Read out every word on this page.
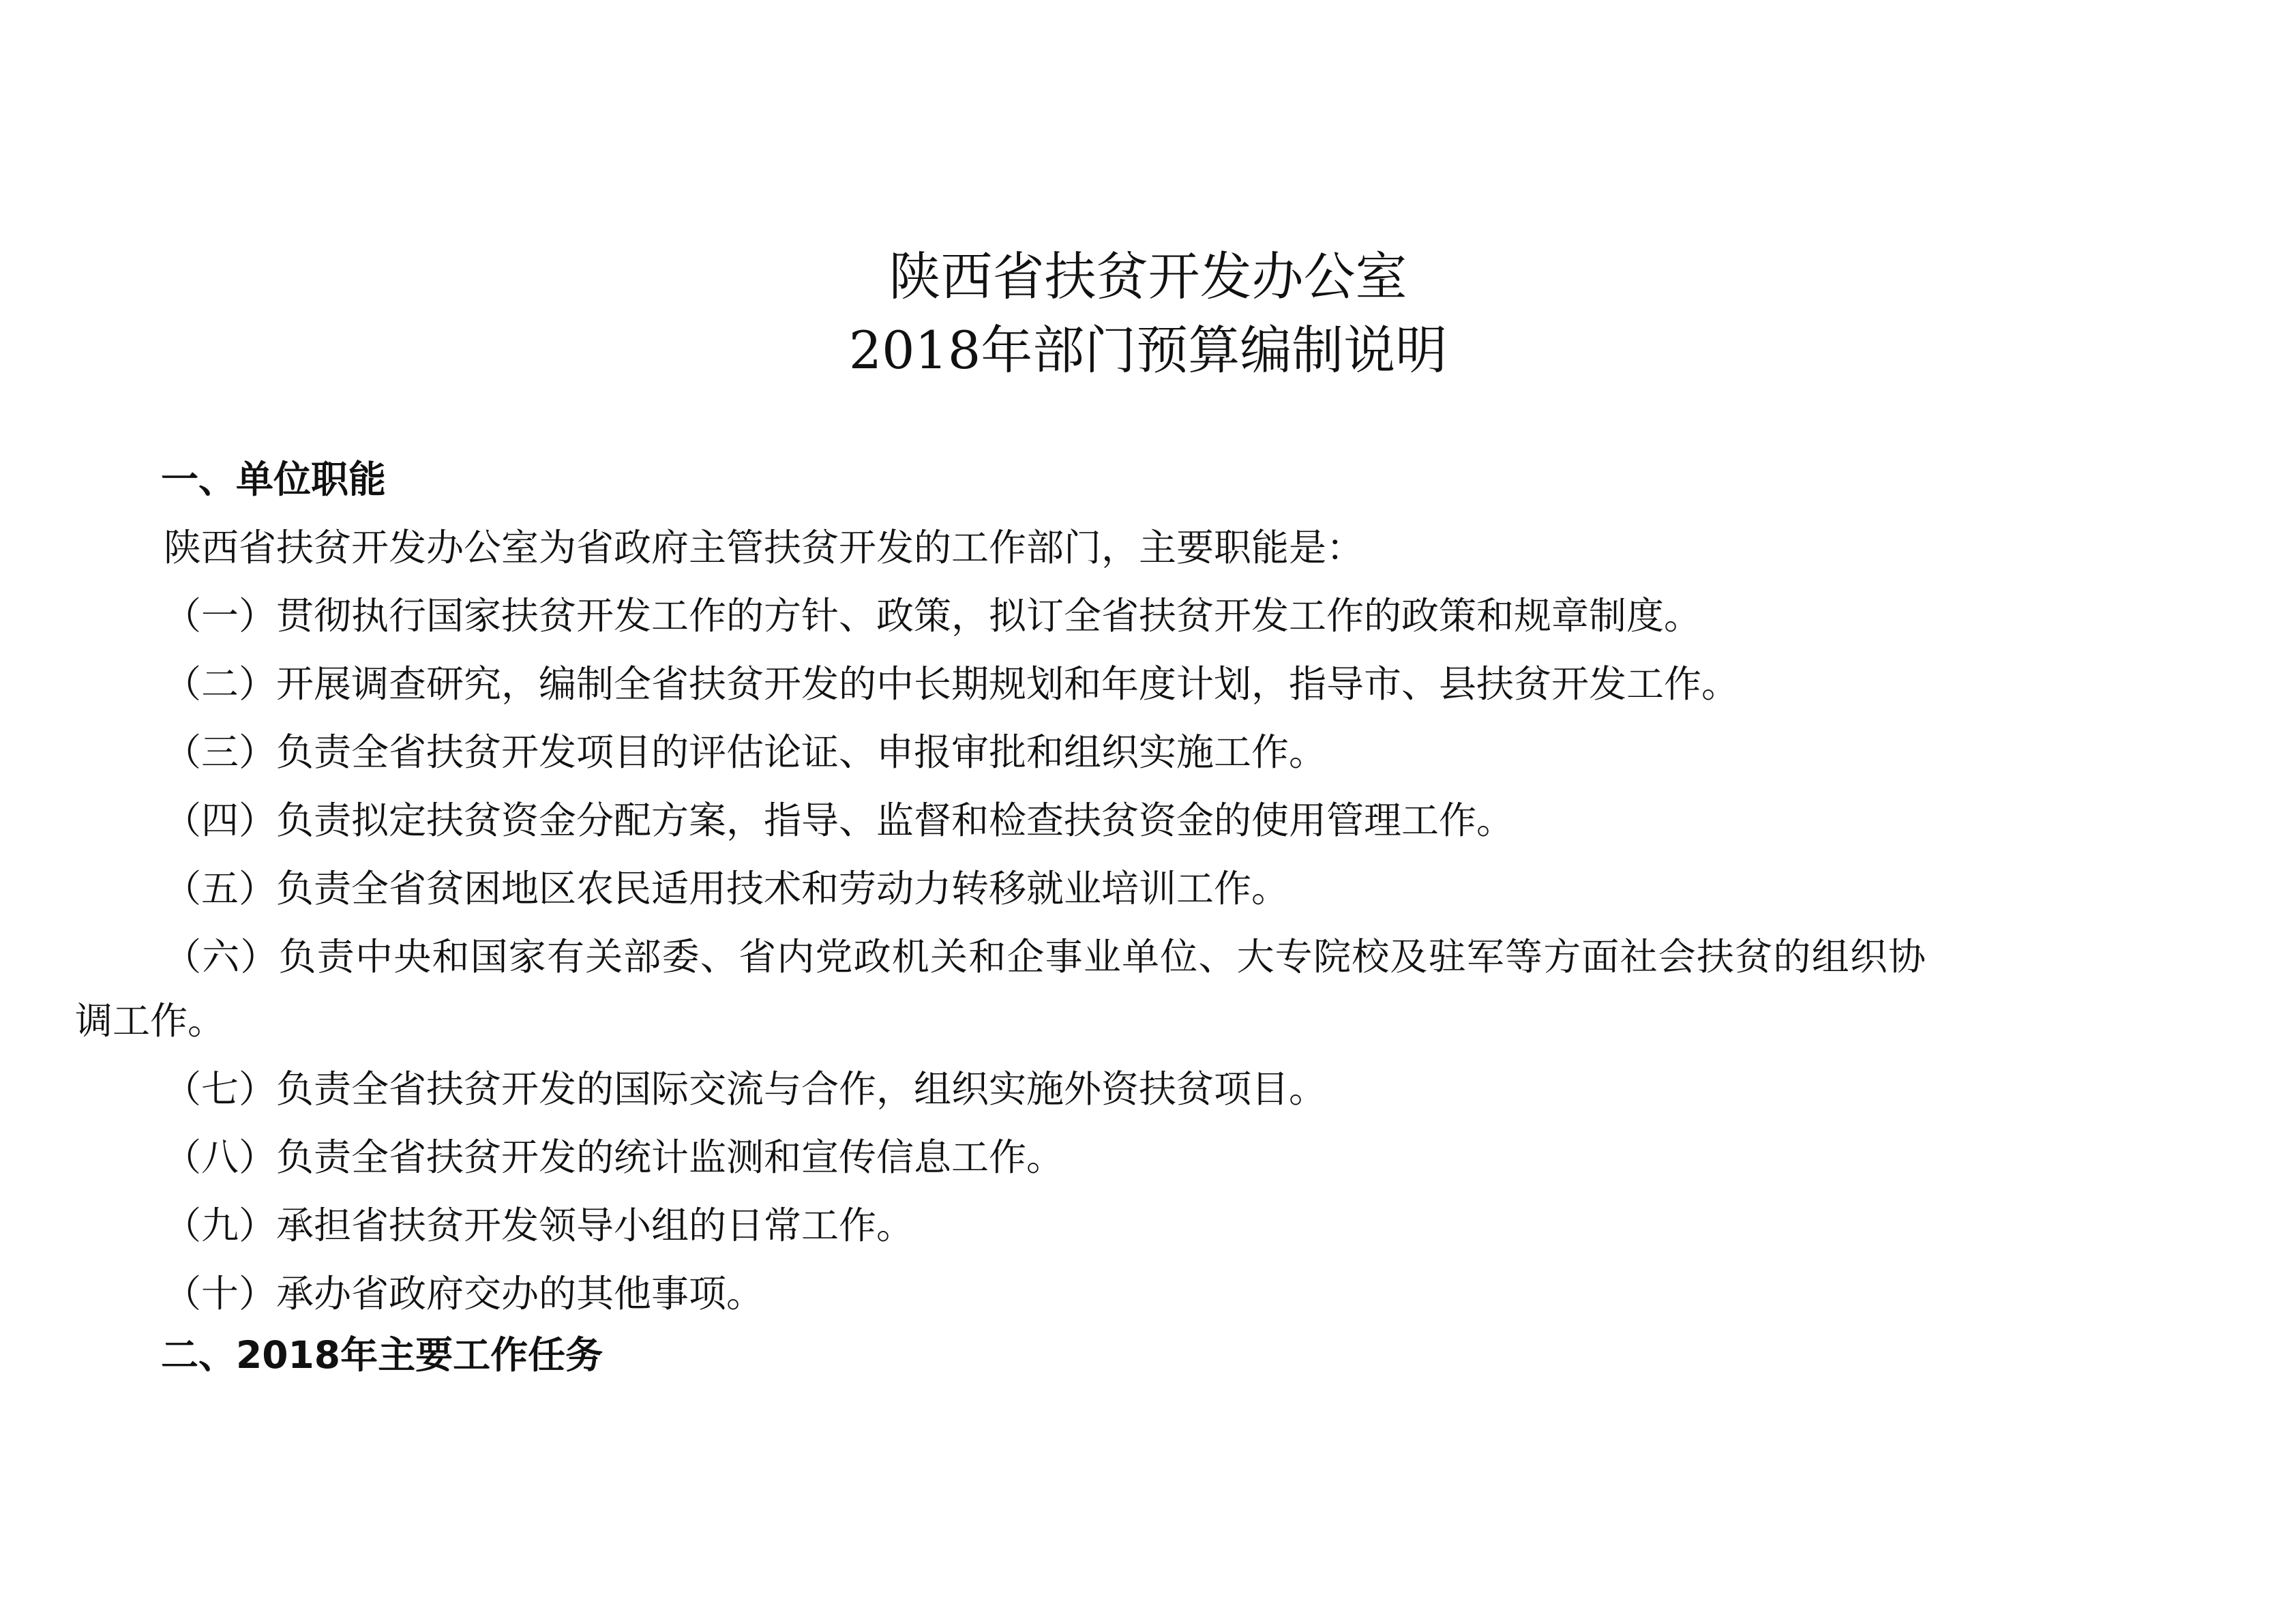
陕西省扶贫开发办公室
2018年部门预算编制说明
一、单位职能
陕西省扶贫开发办公室为省政府主管扶贫开发的工作部门，主要职能是：
（一）贯彻执行国家扶贫开发工作的方针、政策，拟订全省扶贫开发工作的政策和规章制度。
（二）开展调查研究，编制全省扶贫开发的中长期规划和年度计划，指导市、县扶贫开发工作。
（三）负责全省扶贫开发项目的评估论证、申报审批和组织实施工作。
（四）负责拟定扶贫资金分配方案，指导、监督和检查扶贫资金的使用管理工作。
（五）负责全省贫困地区农民适用技术和劳动力转移就业培训工作。
（六）负责中央和国家有关部委、省内党政机关和企事业单位、大专院校及驻军等方面社会扶贫的组织协
调工作。
（七）负责全省扶贫开发的国际交流与合作，组织实施外资扶贫项目。
（八）负责全省扶贫开发的统计监测和宣传信息工作。
（九）承担省扶贫开发领导小组的日常工作。
（十）承办省政府交办的其他事项。
二、2018年主要工作任务
